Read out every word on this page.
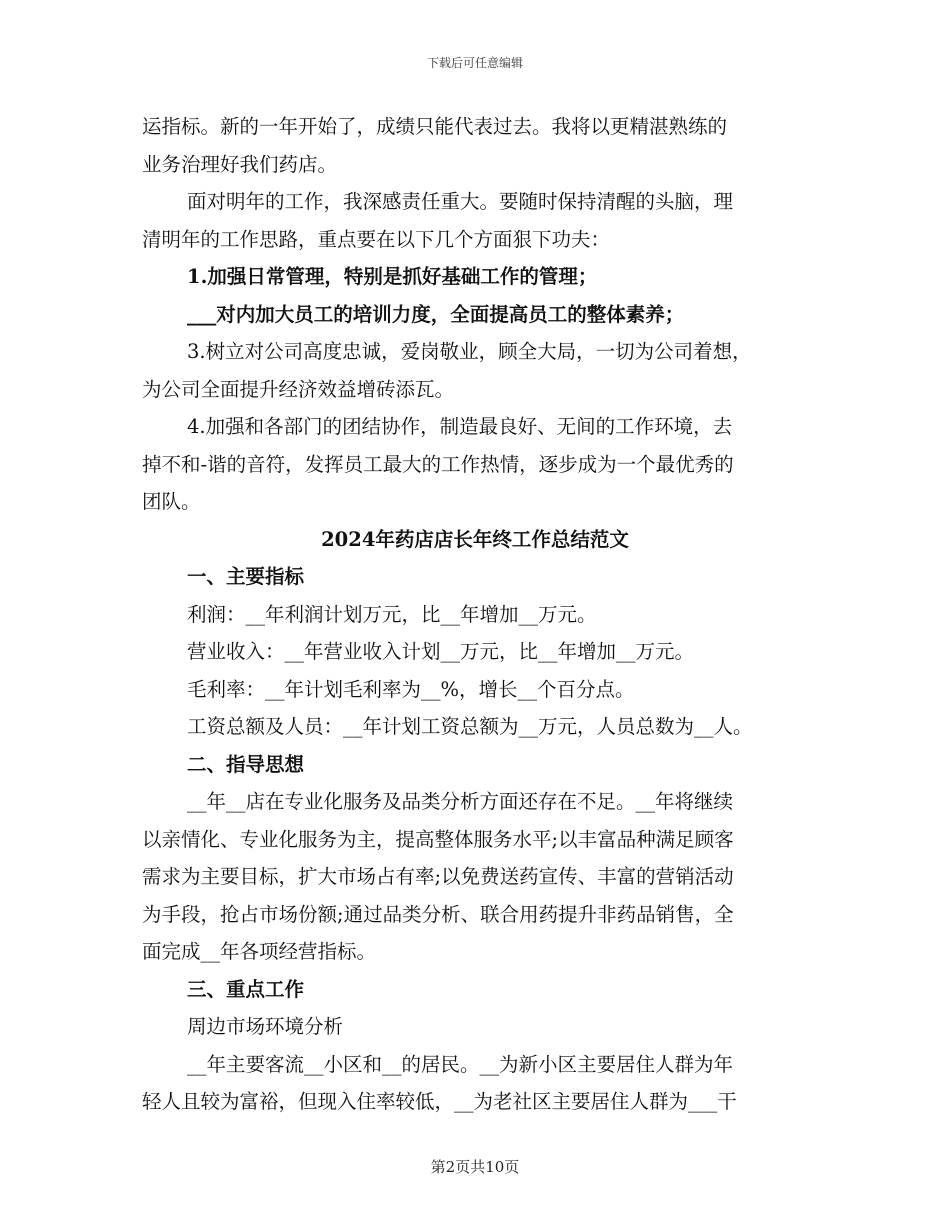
下载后可任意编辑
运指标。新的一年开始了，成绩只能代表过去。我将以更精湛熟练的
业务治理好我们药店。
面对明年的工作，我深感责任重大。要随时保持清醒的头脑，理
清明年的工作思路，重点要在以下几个方面狠下功夫：
1.加强日常管理，特别是抓好基础工作的管理；
___对内加大员工的培训力度，全面提高员工的整体素养；
3.树立对公司高度忠诚，爱岗敬业，顾全大局，一切为公司着想，
为公司全面提升经济效益增砖添瓦。
4.加强和各部门的团结协作，制造最良好、无间的工作环境，去
掉不和-谐的音符，发挥员工最大的工作热情，逐步成为一个最优秀的
团队。
2024年药店店长年终工作总结范文
一、主要指标
利润：__年利润计划万元，比__年增加__万元。
营业收入：__年营业收入计划__万元，比__年增加__万元。
毛利率：__年计划毛利率为__%，增长__个百分点。
工资总额及人员：__年计划工资总额为__万元，人员总数为__人。
二、指导思想
__年__店在专业化服务及品类分析方面还存在不足。__年将继续
以亲情化、专业化服务为主，提高整体服务水平;以丰富品种满足顾客
需求为主要目标，扩大市场占有率;以免费送药宣传、丰富的营销活动
为手段，抢占市场份额;通过品类分析、联合用药提升非药品销售，全
面完成__年各项经营指标。
三、重点工作
周边市场环境分析
__年主要客流__小区和__的居民。__为新小区主要居住人群为年
轻人且较为富裕，但现入住率较低，__为老社区主要居住人群为___干
第2页共10页
